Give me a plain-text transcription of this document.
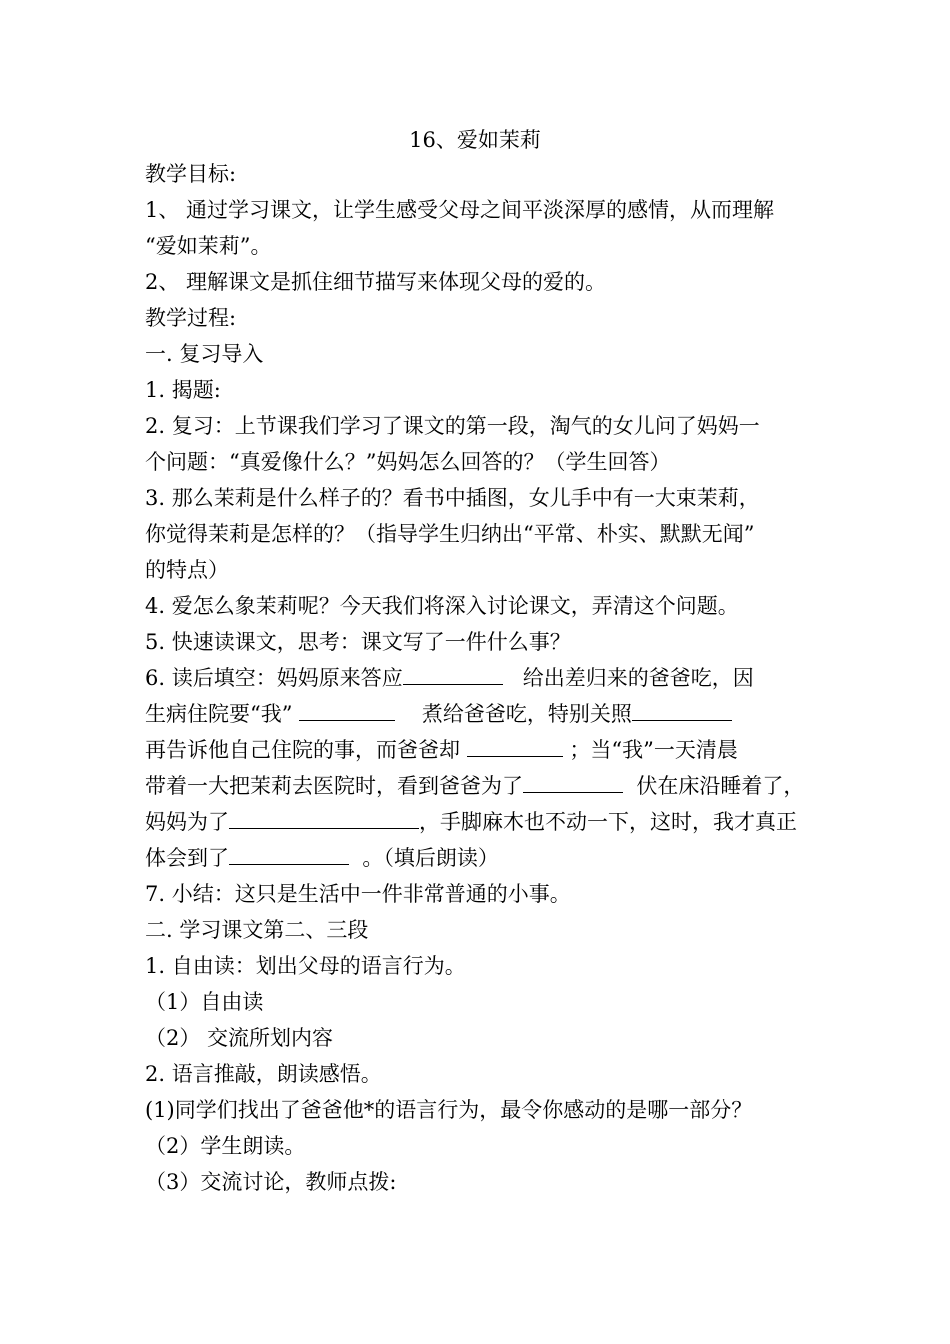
16、爱如茉莉
教学目标:
1、 通过学习课文，让学生感受父母之间平淡深厚的感情，从而理解
“爱如茉莉”。
2、 理解课文是抓住细节描写来体现父母的爱的。
教学过程:
一. 复习导入
1. 揭题:
2. 复习：上节课我们学习了课文的第一段，淘气的女儿问了妈妈一
个问题：“真爱像什么？”妈妈怎么回答的？（学生回答）
3. 那么茉莉是什么样子的？看书中插图，女儿手中有一大束茉莉，
你觉得茉莉是怎样的？（指导学生归纳出“平常、朴实、默默无闻”
的特点）
4. 爱怎么象茉莉呢？今天我们将深入讨论课文，弄清这个问题。
5. 快速读课文，思考：课文写了一件什么事？
6. 读后填空：妈妈原来答应	给出差归来的爸爸吃，因
生病住院要“我”	煮给爸爸吃，特别关照
再告诉他自己住院的事，而爸爸却	；当“我”一天清晨
带着一大把茉莉去医院时，看到爸爸为了	伏在床沿睡着了，
妈妈为了	，手脚麻木也不动一下，这时，我才真正
体会到了	。（填后朗读）
7. 小结：这只是生活中一件非常普通的小事。
二. 学习课文第二、三段
1. 自由读：划出父母的语言行为。
（1）自由读
（2） 交流所划内容
2. 语言推敲，朗读感悟。
(1)同学们找出了爸爸他*的语言行为，最令你感动的是哪一部分？
（2）学生朗读。
（3）交流讨论，教师点拨:
